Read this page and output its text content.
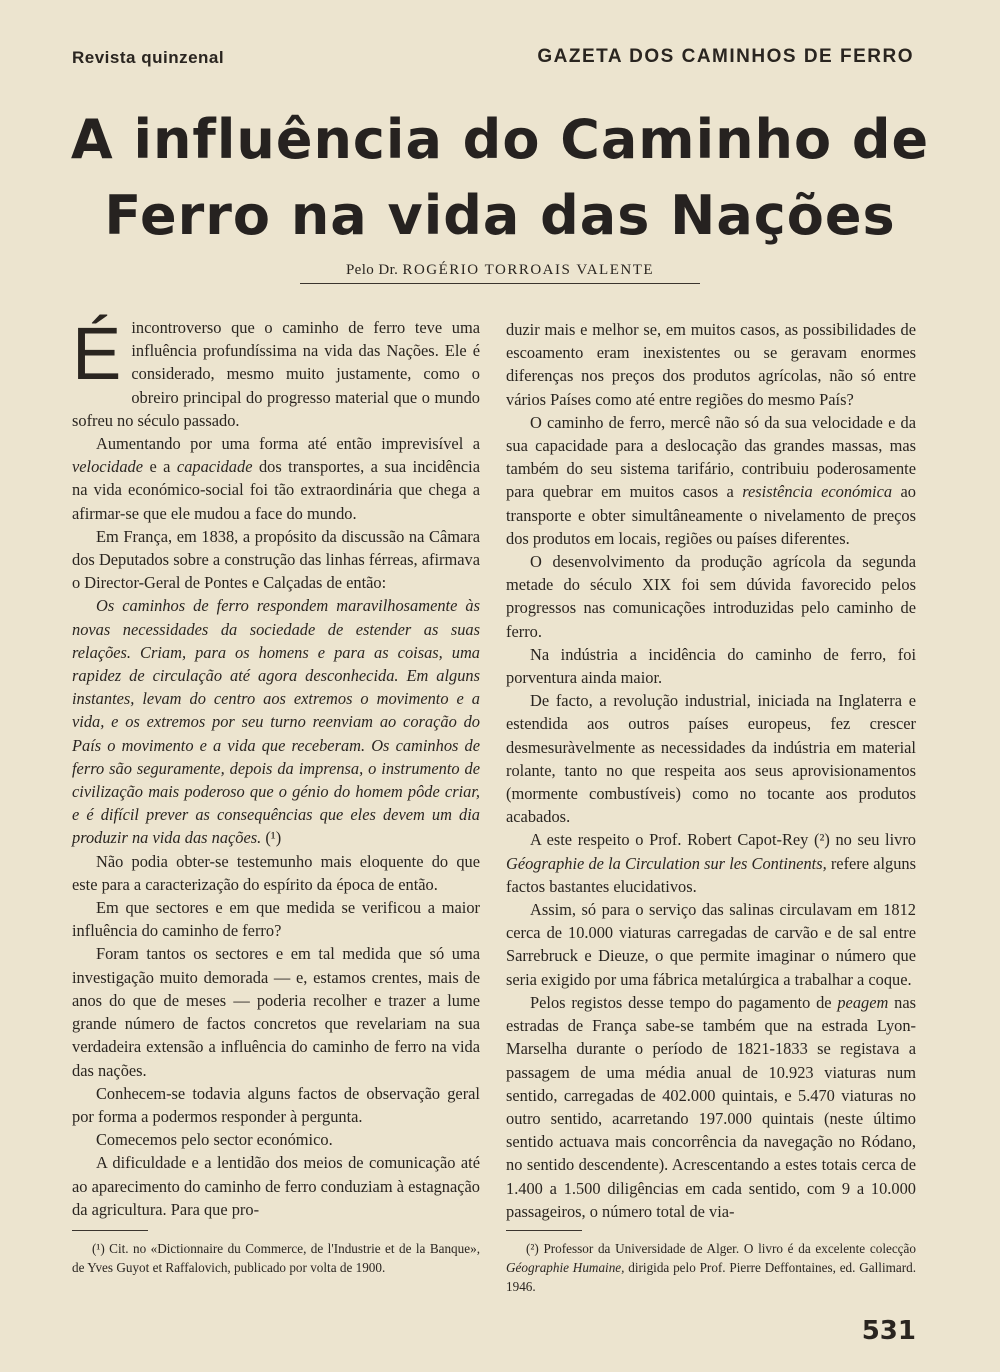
Revista quinzenal	GAZETA DOS CAMINHOS DE FERRO
A influência do Caminho de
Ferro na vida das Nações
Pelo Dr. ROGÉRIO TORROAIS VALENTE

Éincontroverso que o caminho de ferro teve uma influência profundíssima na vida das Nações. Ele é considerado, mesmo muito justamente, como o obreiro principal do progresso material que o mundo sofreu no século passado.

Aumentando por uma forma até então imprevisível a velocidade e a capacidade dos transportes, a sua incidência na vida económico-social foi tão extraordinária que chega a afirmar-se que ele mudou a face do mundo.

Em França, em 1838, a propósito da discussão na Câmara dos Deputados sobre a construção das linhas férreas, afirmava o Director-Geral de Pontes e Calçadas de então:

Os caminhos de ferro respondem maravilhosamente às novas necessidades da sociedade de estender as suas relações. Criam, para os homens e para as coisas, uma rapidez de circulação até agora desconhecida. Em alguns instantes, levam do centro aos extremos o movimento e a vida, e os extremos por seu turno reenviam ao coração do País o movimento e a vida que receberam. Os caminhos de ferro são seguramente, depois da imprensa, o instrumento de civilização mais poderoso que o génio do homem pôde criar, e é difícil prever as consequências que eles devem um dia produzir na vida das nações. (¹)

Não podia obter-se testemunho mais eloquente do que este para a caracterização do espírito da época de então.

Em que sectores e em que medida se verificou a maior influência do caminho de ferro?

Foram tantos os sectores e em tal medida que só uma investigação muito demorada — e, estamos crentes, mais de anos do que de meses — poderia recolher e trazer a lume grande número de factos concretos que revelariam na sua verdadeira extensão a influência do caminho de ferro na vida das nações.

Conhecem-se todavia alguns factos de observação geral por forma a podermos responder à pergunta.

Comecemos pelo sector económico.

A dificuldade e a lentidão dos meios de comunicação até ao aparecimento do caminho de ferro conduziam à estagnação da agricultura. Para que pro-

duzir mais e melhor se, em muitos casos, as possibilidades de escoamento eram inexistentes ou se geravam enormes diferenças nos preços dos produtos agrícolas, não só entre vários Países como até entre regiões do mesmo País?

O caminho de ferro, mercê não só da sua velocidade e da sua capacidade para a deslocação das grandes massas, mas também do seu sistema tarifário, contribuiu poderosamente para quebrar em muitos casos a resistência económica ao transporte e obter simultâneamente o nivelamento de preços dos produtos em locais, regiões ou países diferentes.

O desenvolvimento da produção agrícola da segunda metade do século XIX foi sem dúvida favorecido pelos progressos nas comunicações introduzidas pelo caminho de ferro.

Na indústria a incidência do caminho de ferro, foi porventura ainda maior.

De facto, a revolução industrial, iniciada na Inglaterra e estendida aos outros países europeus, fez crescer desmesuràvelmente as necessidades da indústria em material rolante, tanto no que respeita aos seus aprovisionamentos (mormente combustíveis) como no tocante aos produtos acabados.

A este respeito o Prof. Robert Capot-Rey (²) no seu livro Géographie de la Circulation sur les Continents, refere alguns factos bastantes elucidativos.

Assim, só para o serviço das salinas circulavam em 1812 cerca de 10.000 viaturas carregadas de carvão e de sal entre Sarrebruck e Dieuze, o que permite imaginar o número que seria exigido por uma fábrica metalúrgica a trabalhar a coque.

Pelos registos desse tempo do pagamento de peagem nas estradas de França sabe-se também que na estrada Lyon-Marselha durante o período de 1821-1833 se registava a passagem de uma média anual de 10.923 viaturas num sentido, carregadas de 402.000 quintais, e 5.470 viaturas no outro sentido, acarretando 197.000 quintais (neste último sentido actuava mais concorrência da navegação no Ródano, no sentido descendente). Acrescentando a estes totais cerca de 1.400 a 1.500 diligências em cada sentido, com 9 a 10.000 passageiros, o número total de via-

(¹) Cit. no «Dictionnaire du Commerce, de l'Industrie et de la Banque», de Yves Guyot et Raffalovich, publicado por volta de 1900.

(²) Professor da Universidade de Alger. O livro é da excelente colecção Géographie Humaine, dirigida pelo Prof. Pierre Deffontaines, ed. Gallimard. 1946.

531
